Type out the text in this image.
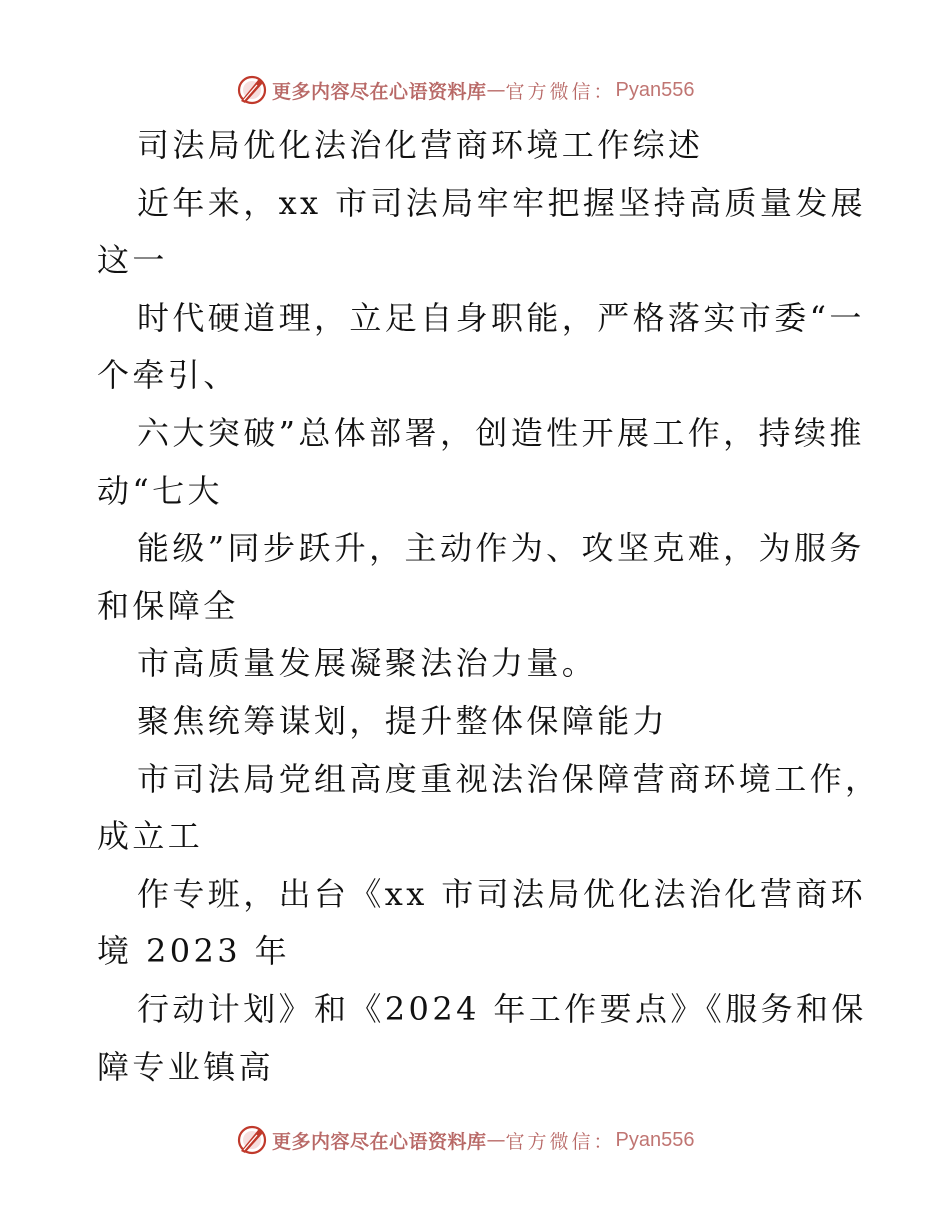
更多内容尽在心语资料库 — 官方微信： Pyan556
司法局优化法治化营商环境工作综述
近年来，xx 市司法局牢牢把握坚持高质量发展
这一
时代硬道理，立足自身职能，严格落实市委“一
个牵引、
六大突破”总体部署，创造性开展工作，持续推
动“七大
能级”同步跃升，主动作为、攻坚克难，为服务
和保障全
市高质量发展凝聚法治力量。
聚焦统筹谋划，提升整体保障能力
市司法局党组高度重视法治保障营商环境工作，
成立工
作专班，出台《xx 市司法局优化法治化营商环
境 2023 年
行动计划》和《2024 年工作要点》《服务和保
障专业镇高
更多内容尽在心语资料库 — 官方微信： Pyan556
